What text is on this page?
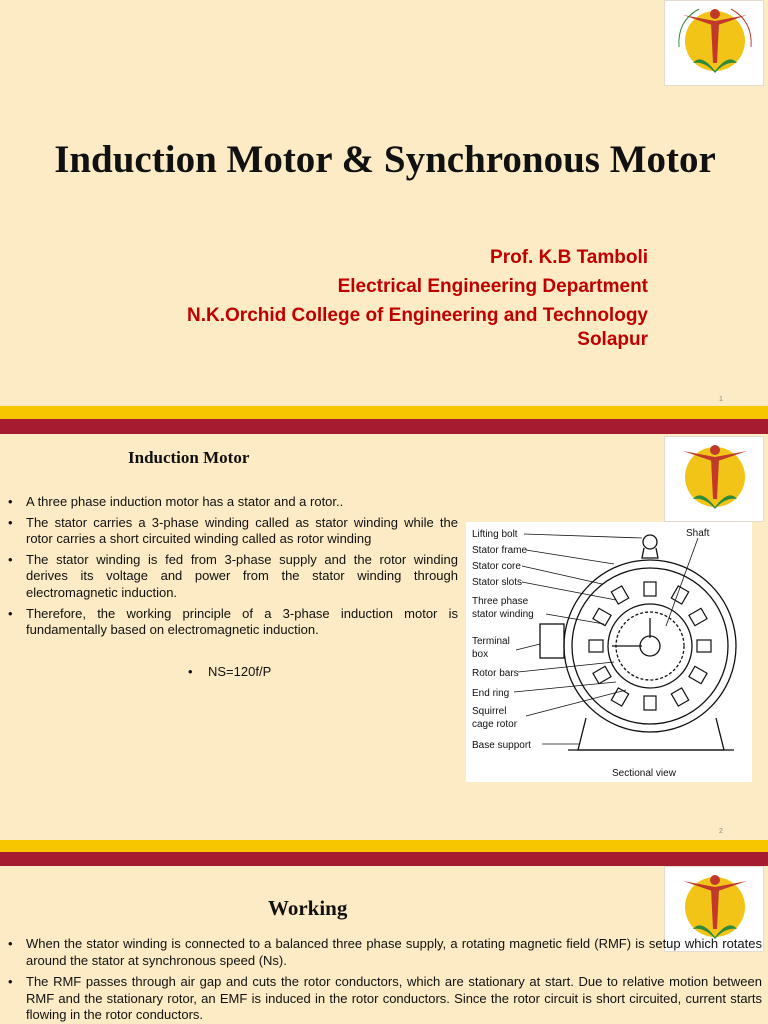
Induction Motor & Synchronous Motor
Prof. K.B Tamboli
Electrical Engineering Department
N.K.Orchid College of Engineering and Technology
Solapur
1
Induction Motor
• A three phase induction motor has a stator and a rotor..
• The stator carries a 3-phase winding called as stator winding while the rotor carries a short circuited winding called as rotor winding
• The stator winding is fed from 3-phase supply and the rotor winding derives its voltage and power from the stator winding through electromagnetic induction.
• Therefore, the working principle of a 3-phase induction motor is fundamentally based on electromagnetic induction.
• NS=120f/P
Lifting bolt
Stator frame
Stator core
Stator slots
Three phase
stator winding
Terminal
box
Rotor bars
End ring
Squirrel
cage rotor
Base support
Shaft
Sectional view
2
Working
• When the stator winding is connected to a balanced three phase supply, a rotating magnetic field (RMF) is setup which rotates around the stator at synchronous speed (Ns).
• The RMF passes through air gap and cuts the rotor conductors, which are stationary at start. Due to relative motion between RMF and the stationary rotor, an EMF is induced in the rotor conductors. Since the rotor circuit is short circuited, current starts flowing in the rotor conductors.
